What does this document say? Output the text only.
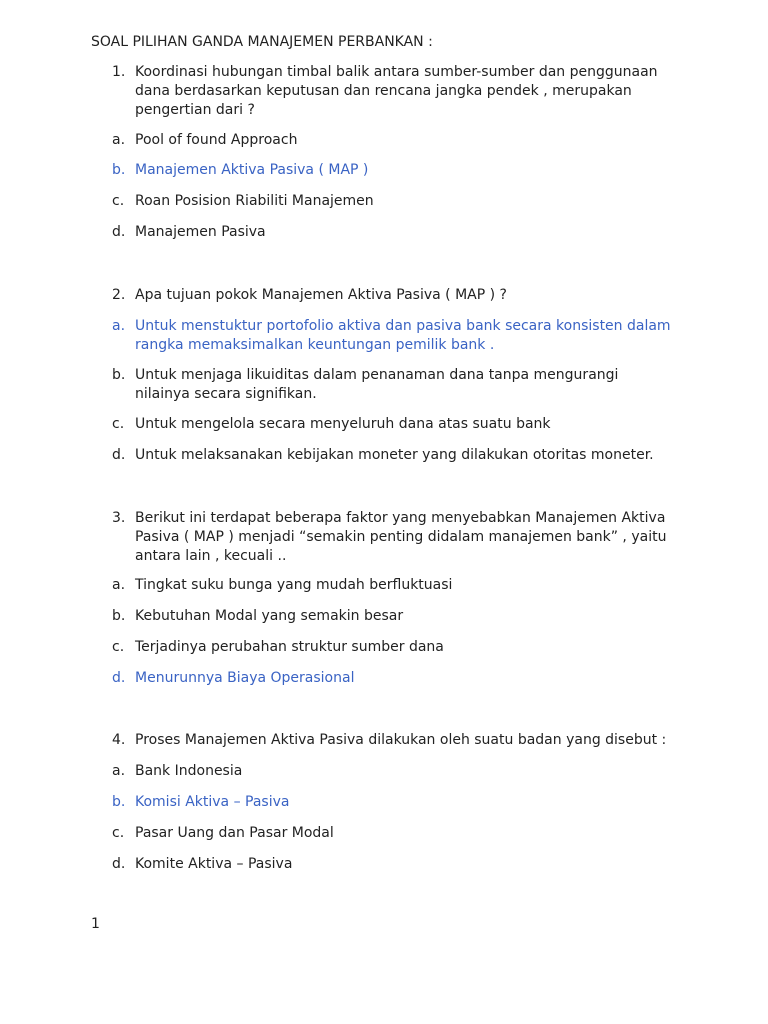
SOAL PILIHAN GANDA MANAJEMEN PERBANKAN :
1. Koordinasi hubungan timbal balik antara sumber-sumber dan penggunaan dana berdasarkan keputusan dan rencana jangka pendek , merupakan pengertian dari ?
a. Pool of found Approach
b. Manajemen Aktiva Pasiva ( MAP )
c. Roan Posision Riabiliti Manajemen
d. Manajemen Pasiva
2. Apa tujuan pokok Manajemen Aktiva Pasiva ( MAP ) ?
a. Untuk menstuktur portofolio aktiva dan pasiva bank secara konsisten dalam rangka memaksimalkan keuntungan pemilik bank .
b. Untuk menjaga likuiditas dalam penanaman dana tanpa mengurangi nilainya secara signifikan.
c. Untuk mengelola secara menyeluruh dana atas suatu bank
d. Untuk melaksanakan kebijakan moneter yang dilakukan otoritas moneter.
3. Berikut ini terdapat beberapa faktor yang menyebabkan Manajemen Aktiva Pasiva ( MAP ) menjadi “semakin penting didalam manajemen bank” , yaitu antara lain , kecuali ..
a. Tingkat suku bunga yang mudah berfluktuasi
b. Kebutuhan Modal yang semakin besar
c. Terjadinya perubahan struktur sumber dana
d. Menurunnya Biaya Operasional
4. Proses Manajemen Aktiva Pasiva dilakukan oleh suatu badan yang disebut :
a. Bank Indonesia
b. Komisi Aktiva – Pasiva
c. Pasar Uang dan Pasar Modal
d. Komite Aktiva – Pasiva
1
